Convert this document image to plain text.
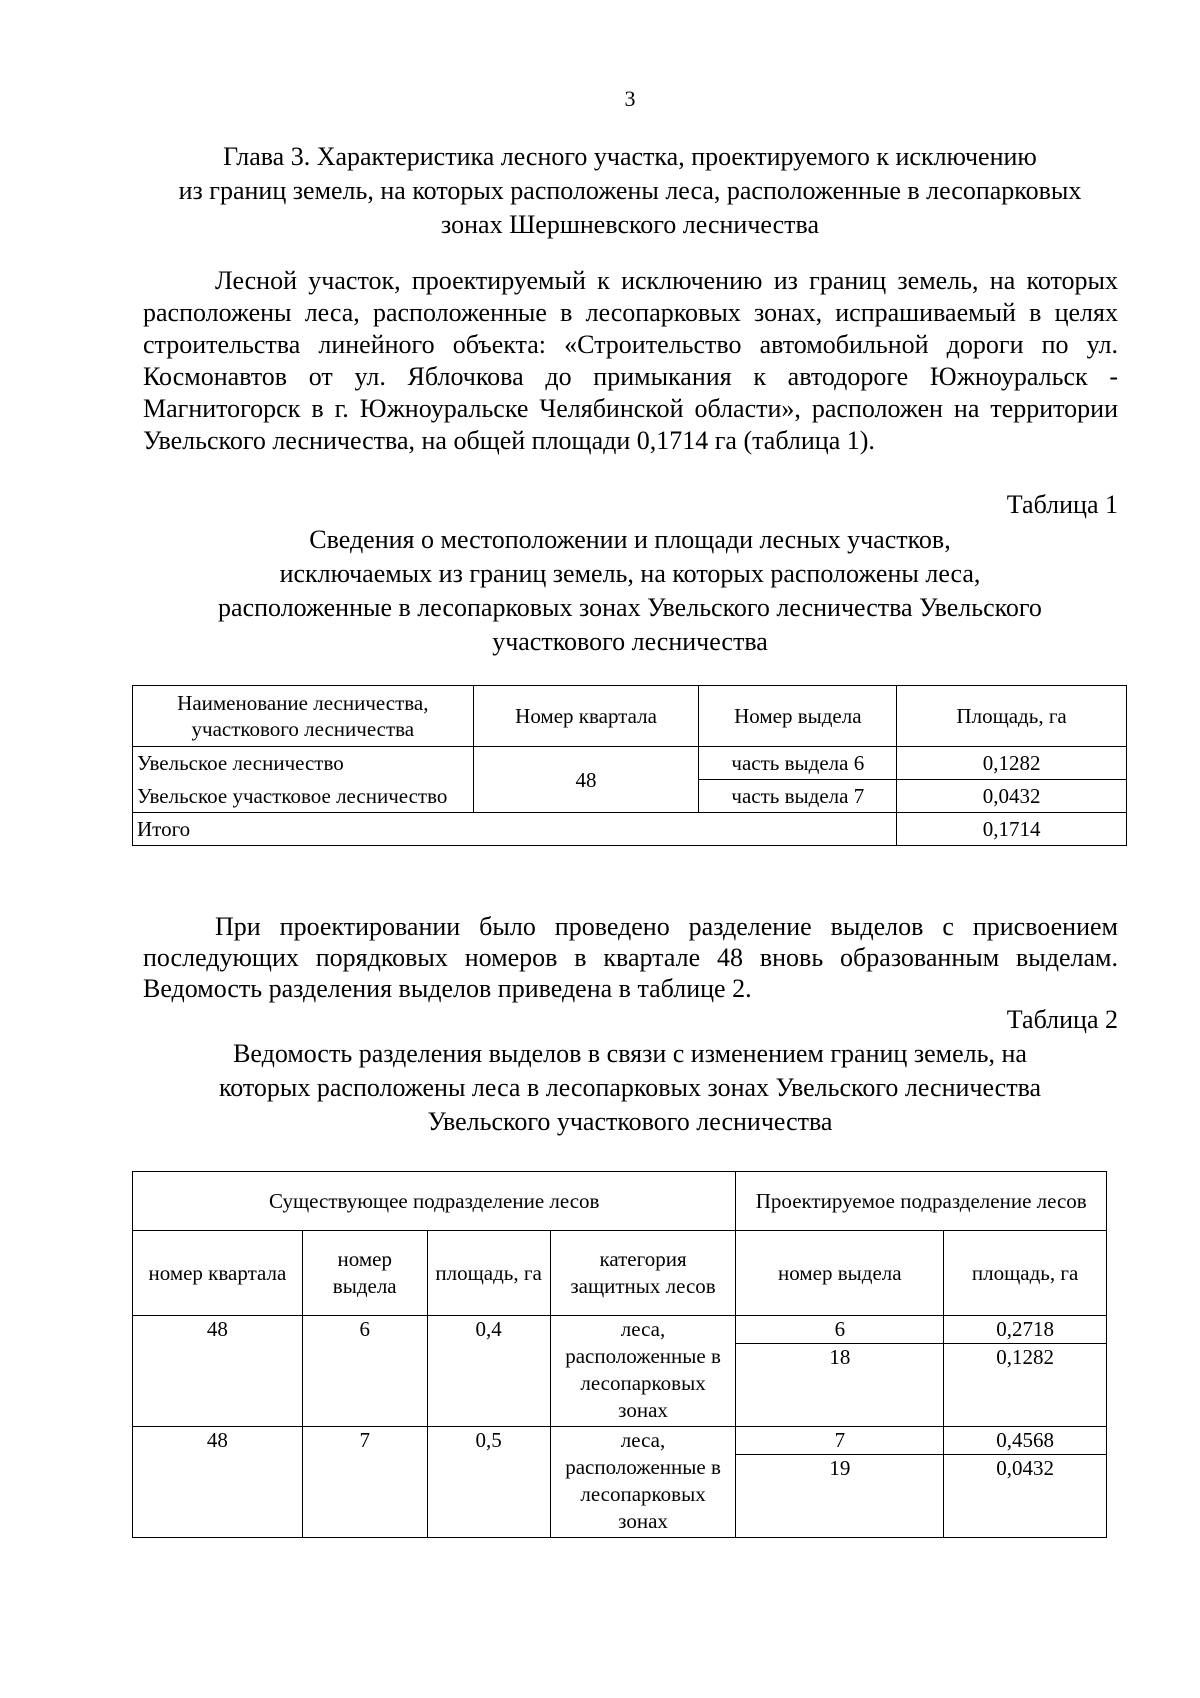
3
Глава 3. Характеристика лесного участка, проектируемого к исключению
из границ земель, на которых расположены леса, расположенные в лесопарковых
зонах Шершневского лесничества

Лесной участок, проектируемый к исключению из границ земель, на которых расположены леса, расположенные в лесопарковых зонах, испрашиваемый в целях строительства линейного объекта: «Строительство автомобильной дороги по ул. Космонавтов от ул. Яблочкова до примыкания к автодороге Южноуральск - Магнитогорск в г. Южноуральске Челябинской области», расположен на территории Увельского лесничества, на общей площади 0,1714 га (таблица 1).

Таблица 1
Сведения о местоположении и площади лесных участков,
исключаемых из границ земель, на которых расположены леса,
расположенные в лесопарковых зонах Увельского лесничества Увельского
участкового лесничества
Наименование лесничества, участкового лесничества	Номер квартала	Номер выдела	Площадь, га
Увельское лесничество	48	часть выдела 6	0,1282
Увельское участковое лесничество		часть выдела 7	0,0432
Итого			0,1714

При проектировании было проведено разделение выделов с присвоением последующих порядковых номеров в квартале 48 вновь образованным выделам. Ведомость разделения выделов приведена в таблице 2.

Таблица 2
Ведомость разделения выделов в связи с изменением границ земель, на
которых расположены леса в лесопарковых зонах Увельского лесничества
Увельского участкового лесничества
Существующее подразделение лесов				Проектируемое подразделение лесов	
номер квартала	номер выдела	площадь, га	категория защитных лесов	номер выдела	площадь, га
48	6	0,4	леса, расположенные в лесопарковых зонах	6	0,2718
				18	0,1282
48	7	0,5	леса, расположенные в лесопарковых зонах	7	0,4568
				19	0,0432
